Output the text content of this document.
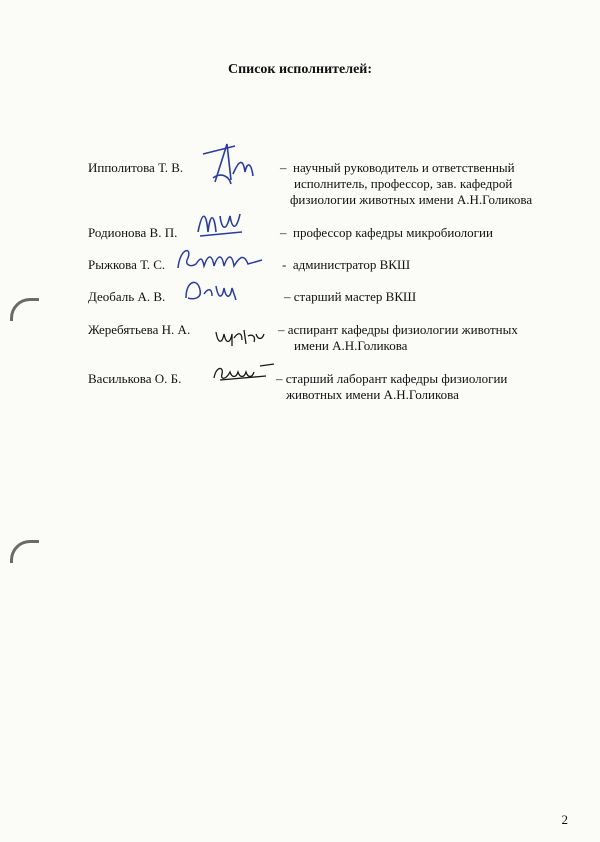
Список исполнителей:
Ипполитова Т. В.	– научный руководитель и ответственный
исполнитель, профессор, зав. кафедрой
физиологии животных имени А.Н.Голикова
Родионова В. П.	– профессор кафедры микробиологии
Рыжкова Т. С.	- администратор ВКШ
Деобаль А. В.	– старший мастер ВКШ
Жеребятьева Н. А.	– аспирант кафедры физиологии животных
имени А.Н.Голикова
Василькова О. Б.	– старший лаборант кафедры физиологии
животных имени А.Н.Голикова
2
